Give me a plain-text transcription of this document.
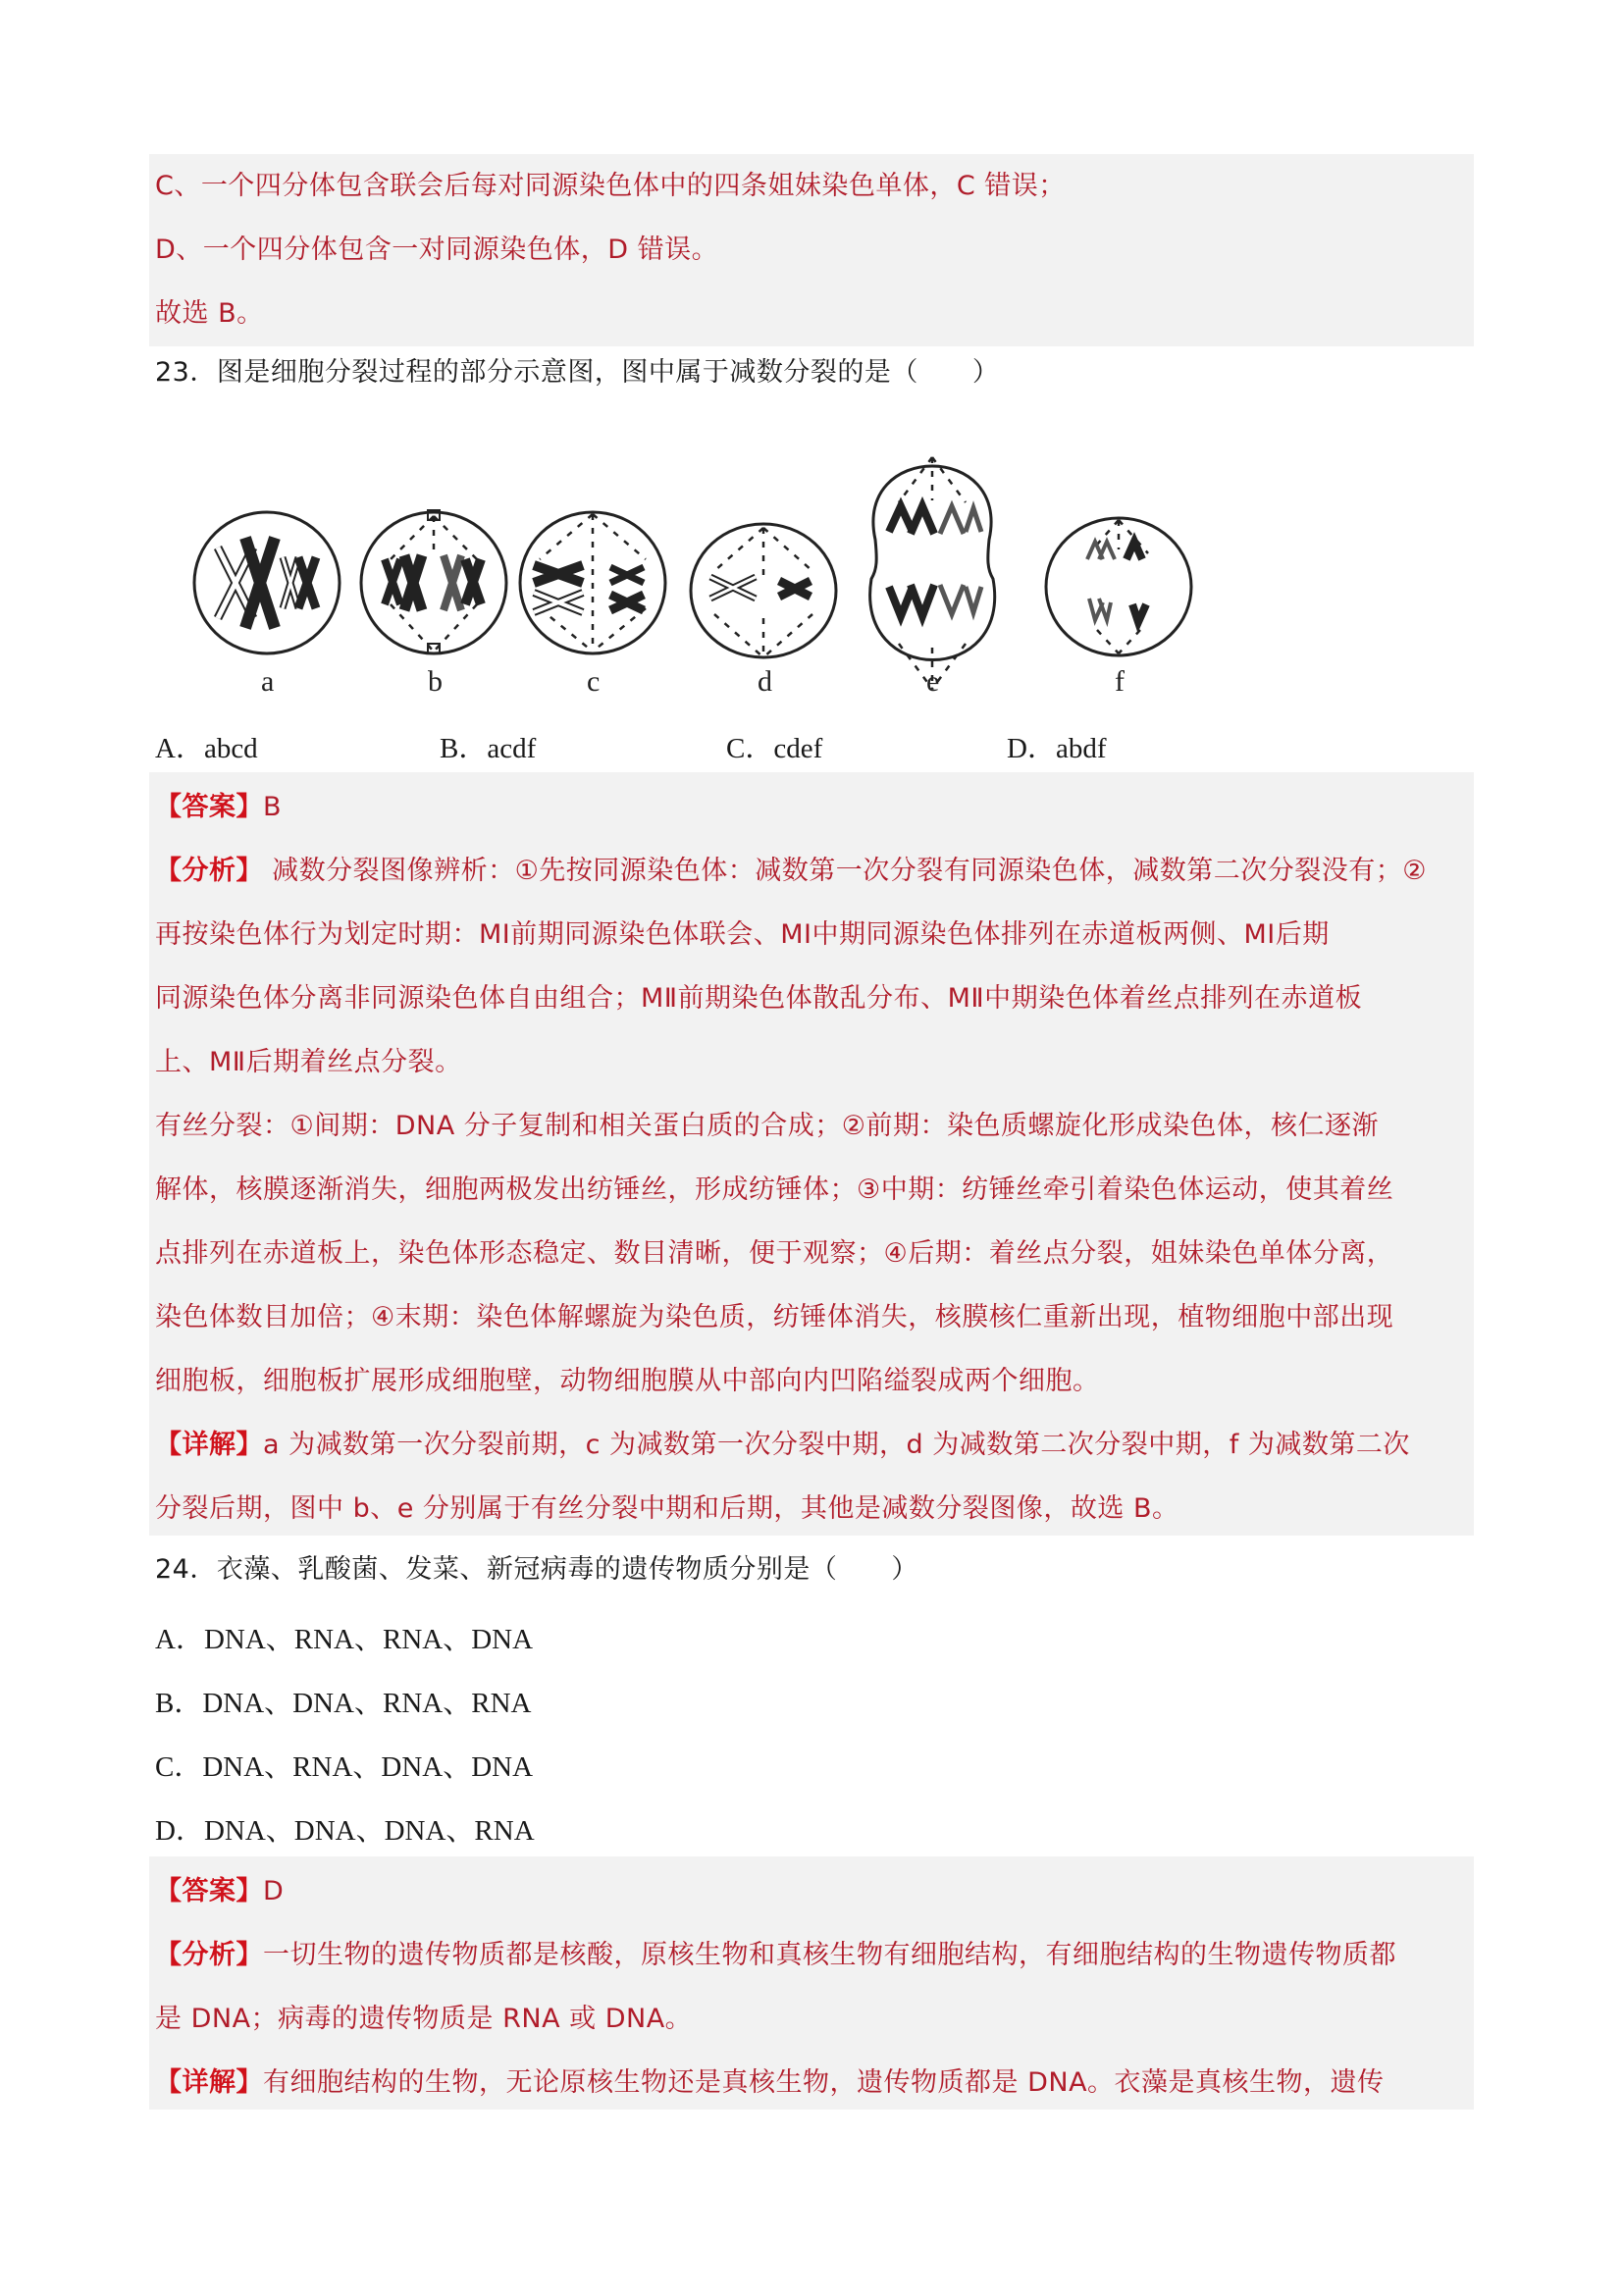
C、一个四分体包含联会后每对同源染色体中的四条姐妹染色单体，C 错误；
D、一个四分体包含一对同源染色体，D 错误。
故选 B。
23．图是细胞分裂过程的部分示意图，图中属于减数分裂的是（　　）
a	b	c	d	e	f
A．abcd	B．acdf	C．cdef	D．abdf
【答案】B
【分析】 减数分裂图像辨析：①先按同源染色体：减数第一次分裂有同源染色体，减数第二次分裂没有；②
再按染色体行为划定时期：MⅠ前期同源染色体联会、MⅠ中期同源染色体排列在赤道板两侧、MⅠ后期
同源染色体分离非同源染色体自由组合；MⅡ前期染色体散乱分布、MⅡ中期染色体着丝点排列在赤道板
上、MⅡ后期着丝点分裂。
有丝分裂：①间期：DNA 分子复制和相关蛋白质的合成；②前期：染色质螺旋化形成染色体，核仁逐渐
解体，核膜逐渐消失，细胞两极发出纺锤丝，形成纺锤体；③中期：纺锤丝牵引着染色体运动，使其着丝
点排列在赤道板上，染色体形态稳定、数目清晰，便于观察；④后期：着丝点分裂，姐妹染色单体分离，
染色体数目加倍；④末期：染色体解螺旋为染色质，纺锤体消失，核膜核仁重新出现，植物细胞中部出现
细胞板，细胞板扩展形成细胞壁，动物细胞膜从中部向内凹陷缢裂成两个细胞。
【详解】a 为减数第一次分裂前期，c 为减数第一次分裂中期，d 为减数第二次分裂中期，f 为减数第二次
分裂后期，图中 b、e 分别属于有丝分裂中期和后期，其他是减数分裂图像，故选 B。
24．衣藻、乳酸菌、发菜、新冠病毒的遗传物质分别是（　　）
A．DNA、RNA、RNA、DNA
B．DNA、DNA、RNA、RNA
C．DNA、RNA、DNA、DNA
D．DNA、DNA、DNA、RNA
【答案】D
【分析】一切生物的遗传物质都是核酸，原核生物和真核生物有细胞结构，有细胞结构的生物遗传物质都
是 DNA；病毒的遗传物质是 RNA 或 DNA。
【详解】有细胞结构的生物，无论原核生物还是真核生物，遗传物质都是 DNA。衣藻是真核生物，遗传
